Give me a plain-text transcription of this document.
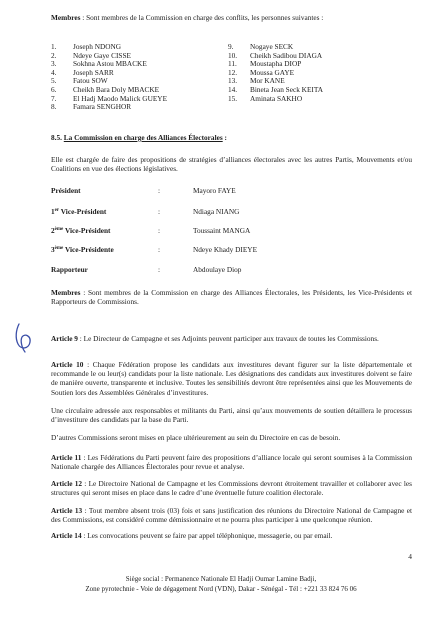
Membres : Sont membres de la Commission en charge des conflits, les personnes suivantes :
1.	Joseph NDONG
2.	Ndeye Gaye CISSE
3.	Sokhna Astou MBACKE
4.	Joseph SARR
5.	Fatou SOW
6.	Cheikh Bara Doly MBACKE
7.	El Hadj Maodo Malick GUEYE
8.	Famara SENGHOR
9.	Nogaye SECK
10.	Cheikh Sadibou DIAGA
11.	Moustapha DIOP
12.	Moussa GAYE
13.	Mor KANE
14.	Bineta Jean Seck KEITA
15.	Aminata SAKHO
8.5. La Commission en charge des Alliances Électorales :
Elle est chargée de faire des propositions de stratégies d’alliances électorales avec les autres Partis, Mouvements et/ou Coalitions en vue des élections législatives.
Président	:	Mayoro FAYE
1er Vice-Président	:	Ndiaga NIANG
2ème Vice-Président	:	Toussaint MANGA
3ème Vice-Présidente	:	Ndeye Khady DIEYE
Rapporteur	:	Abdoulaye Diop
Membres : Sont membres de la Commission en charge des Alliances Électorales, les Présidents, les Vice-Présidents et Rapporteurs de Commissions.
Article 9 : Le Directeur de Campagne et ses Adjoints peuvent participer aux travaux de toutes les Commissions.
Article 10 : Chaque Fédération propose les candidats aux investitures devant figurer sur la liste départementale et recommande le ou leur(s) candidats pour la liste nationale. Les désignations des candidats aux investitures doivent se faire de manière ouverte, transparente et inclusive. Toutes les sensibilités devront être représentées ainsi que les Mouvements de Soutien lors des Assemblées Générales d’investitures.
Une circulaire adressée aux responsables et militants du Parti, ainsi qu’aux mouvements de soutien détaillera le processus d’investiture des candidats par la base du Parti.
D’autres Commissions seront mises en place ultérieurement au sein du Directoire en cas de besoin.
Article 11 : Les Fédérations du Parti peuvent faire des propositions d’alliance locale qui seront soumises à la Commission Nationale chargée des Alliances Électorales pour revue et analyse.
Article 12 : Le Directoire National de Campagne et les Commissions devront étroitement travailler et collaborer avec les structures qui seront mises en place dans le cadre d’une éventuelle future coalition électorale.
Article 13 : Tout membre absent trois (03) fois et sans justification des réunions du Directoire National de Campagne et des Commissions, est considéré comme démissionnaire et ne pourra plus participer à une quelconque réunion.
Article 14 : Les convocations peuvent se faire par appel téléphonique, messagerie, ou par email.
4
Siège social : Permanence Nationale El Hadji Oumar Lamine Badji,
Zone pyrotechnie - Voie de dégagement Nord (VDN), Dakar - Sénégal - Tél : +221 33 824 76 06
